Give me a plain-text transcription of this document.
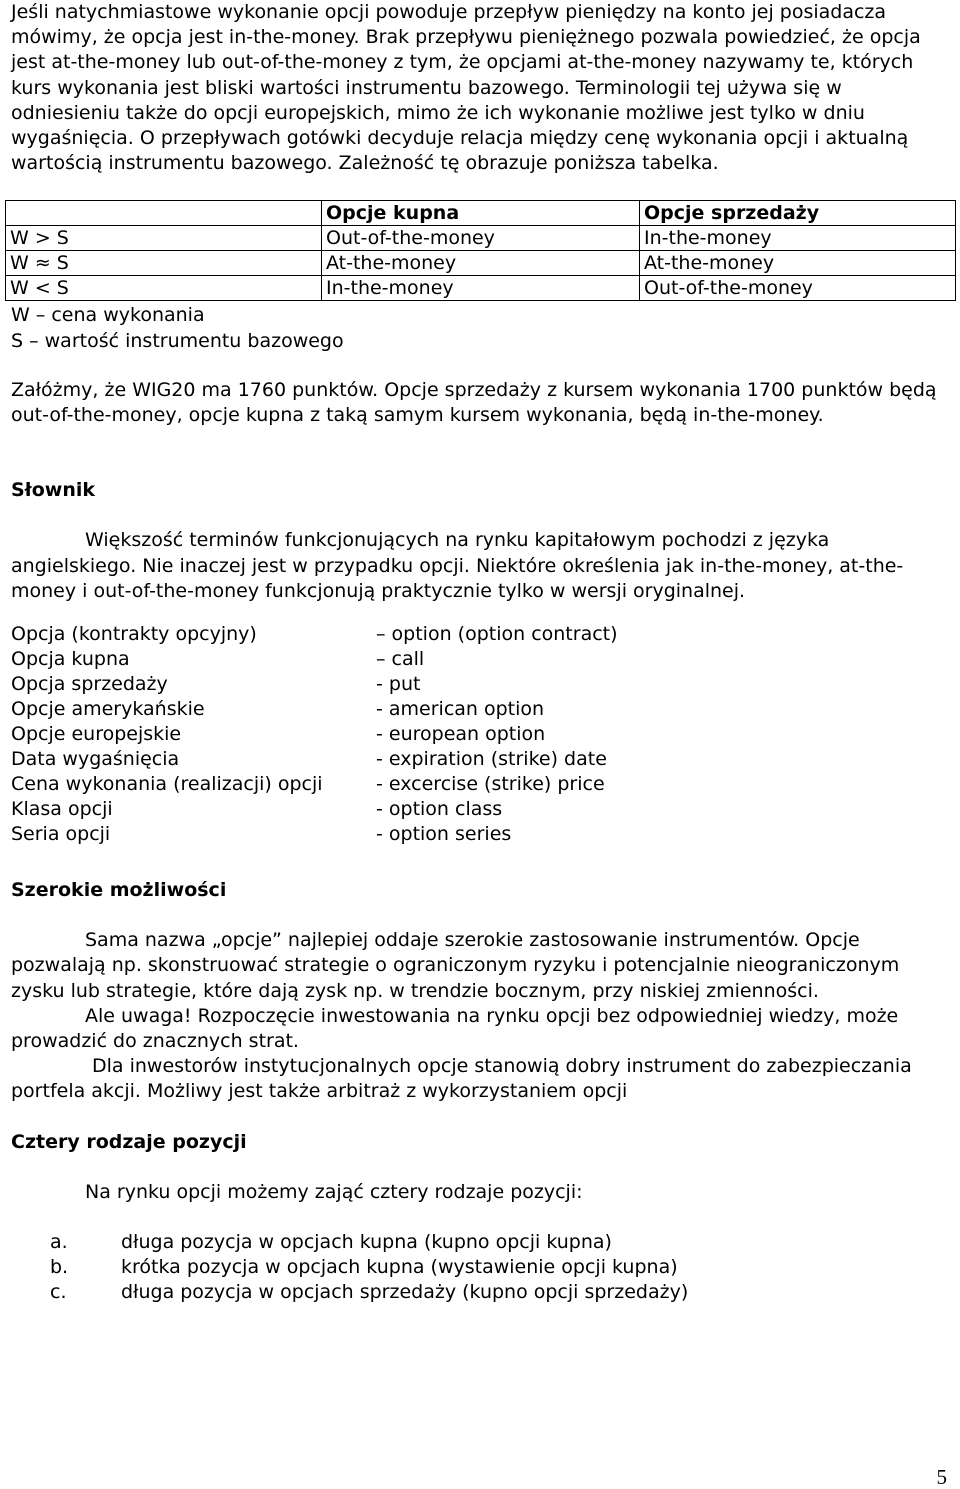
Jeśli natychmiastowe wykonanie opcji powoduje przepływ pieniędzy na konto jej posiadacza mówimy, że opcja jest in-the-money. Brak przepływu pieniężnego pozwala powiedzieć, że opcja jest at-the-money lub out-of-the-money z tym, że opcjami at-the-money nazywamy te, których kurs wykonania jest bliski wartości instrumentu bazowego. Terminologii tej używa się w odniesieniu także do opcji europejskich, mimo że ich wykonanie możliwe jest tylko w dniu wygaśnięcia. O przepływach gotówki decyduje relacja między cenę wykonania opcji i aktualną wartością instrumentu bazowego. Zależność tę obrazuje poniższa tabelka.

	Opcje kupna	Opcje sprzedaży
W > S	Out-of-the-money	In-the-money
W ≈ S	At-the-money	At-the-money
W < S	In-the-money	Out-of-the-money

W – cena wykonania

S – wartość instrumentu bazowego

Załóżmy, że WIG20 ma 1760 punktów. Opcje sprzedaży z kursem wykonania 1700 punktów będą out-of-the-money, opcje kupna z taką samym kursem wykonania, będą in-the-money.

Słownik

Większość terminów funkcjonujących na rynku kapitałowym pochodzi z języka angielskiego. Nie inaczej jest w przypadku opcji. Niektóre określenia jak in-the-money, at-the-money i out-of-the-money funkcjonują praktycznie tylko w wersji oryginalnej.

Opcja (kontrakty opcyjny)	– option (option contract)
Opcja kupna	– call
Opcja sprzedaży	- put
Opcje amerykańskie	- american option
Opcje europejskie	- european option
Data wygaśnięcia	- expiration (strike) date
Cena wykonania (realizacji) opcji	- excercise (strike) price
Klasa opcji	- option class
Seria opcji	- option series

Szerokie możliwości

Sama nazwa „opcje” najlepiej oddaje szerokie zastosowanie instrumentów. Opcje pozwalają np. skonstruować strategie o ograniczonym ryzyku i potencjalnie nieograniczonym zysku lub strategie, które dają zysk np. w trendzie bocznym, przy niskiej zmienności.

Ale uwaga! Rozpoczęcie inwestowania na rynku opcji bez odpowiedniej wiedzy, może prowadzić do znacznych strat.

Dla inwestorów instytucjonalnych opcje stanowią dobry instrument do zabezpieczania portfela akcji. Możliwy jest także arbitraż z wykorzystaniem opcji

Cztery rodzaje pozycji

Na rynku opcji możemy zająć cztery rodzaje pozycji:

a.	długa pozycja w opcjach kupna (kupno opcji kupna)
b.	krótka pozycja w opcjach kupna (wystawienie opcji kupna)
c.	długa pozycja w opcjach sprzedaży (kupno opcji sprzedaży)
5
